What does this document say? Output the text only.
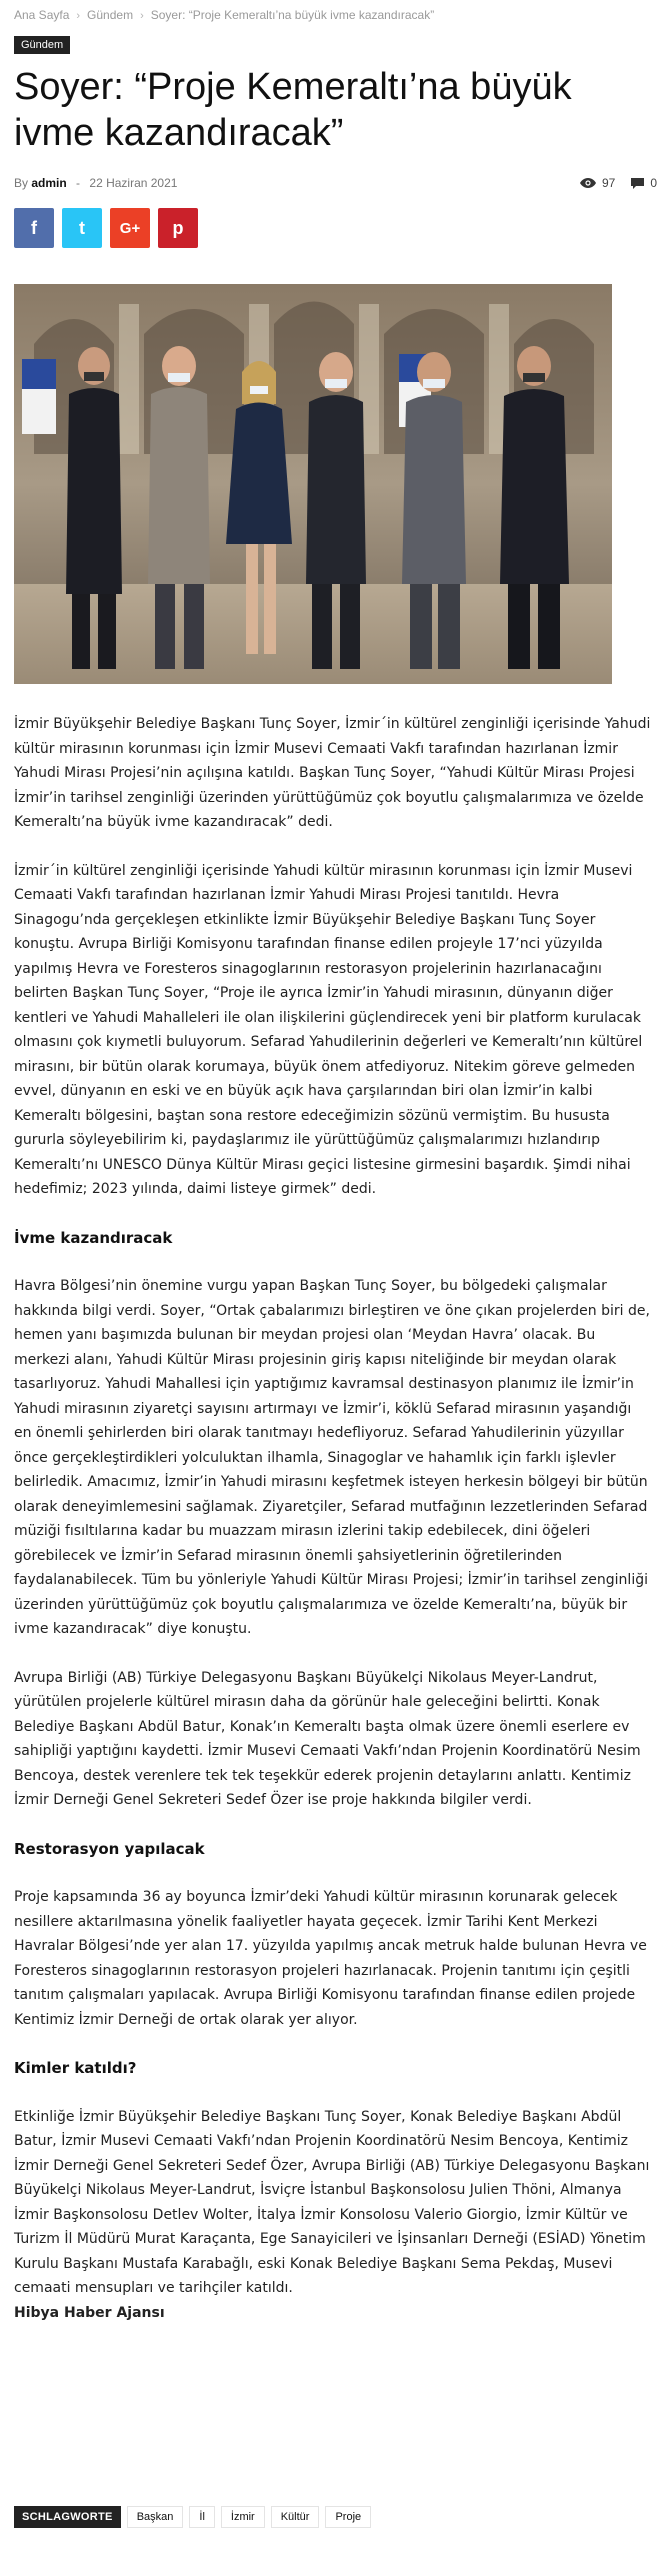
Ana Sayfa › Gündem › Soyer: “Proje Kemeraltı’na büyük ivme kazandıracak”
Gündem
Soyer: “Proje Kemeraltı’na büyük ivme kazandıracak”
By admin - 22 Haziran 2021	97	0
f t G+ p

İzmir Büyükşehir Belediye Başkanı Tunç Soyer, İzmir´in kültürel zenginliği içerisinde Yahudi kültür mirasının korunması için İzmir Musevi Cemaati Vakfı tarafından hazırlanan İzmir Yahudi Mirası Projesi’nin açılışına katıldı. Başkan Tunç Soyer, “Yahudi Kültür Mirası Projesi İzmir’in tarihsel zenginliği üzerinden yürüttüğümüz çok boyutlu çalışmalarımıza ve özelde Kemeraltı’na büyük ivme kazandıracak” dedi.

İzmir´in kültürel zenginliği içerisinde Yahudi kültür mirasının korunması için İzmir Musevi Cemaati Vakfı tarafından hazırlanan İzmir Yahudi Mirası Projesi tanıtıldı. Hevra Sinagogu’nda gerçekleşen etkinlikte İzmir Büyükşehir Belediye Başkanı Tunç Soyer konuştu. Avrupa Birliği Komisyonu tarafından finanse edilen projeyle 17’nci yüzyılda yapılmış Hevra ve Foresteros sinagoglarının restorasyon projelerinin hazırlanacağını belirten Başkan Tunç Soyer, “Proje ile ayrıca İzmir’in Yahudi mirasının, dünyanın diğer kentleri ve Yahudi Mahalleleri ile olan ilişkilerini güçlendirecek yeni bir platform kurulacak olmasını çok kıymetli buluyorum. Sefarad Yahudilerinin değerleri ve Kemeraltı’nın kültürel mirasını, bir bütün olarak korumaya, büyük önem atfediyoruz. Nitekim göreve gelmeden evvel, dünyanın en eski ve en büyük açık hava çarşılarından biri olan İzmir’in kalbi Kemeraltı bölgesini, baştan sona restore edeceğimizin sözünü vermiştim. Bu hususta gururla söyleyebilirim ki, paydaşlarımız ile yürüttüğümüz çalışmalarımızı hızlandırıp Kemeraltı’nı UNESCO Dünya Kültür Mirası geçici listesine girmesini başardık. Şimdi nihai hedefimiz; 2023 yılında, daimi listeye girmek” dedi.

İvme kazandıracak

Havra Bölgesi’nin önemine vurgu yapan Başkan Tunç Soyer, bu bölgedeki çalışmalar hakkında bilgi verdi. Soyer, “Ortak çabalarımızı birleştiren ve öne çıkan projelerden biri de, hemen yanı başımızda bulunan bir meydan projesi olan ‘Meydan Havra’ olacak. Bu merkezi alanı, Yahudi Kültür Mirası projesinin giriş kapısı niteliğinde bir meydan olarak tasarlıyoruz. Yahudi Mahallesi için yaptığımız kavramsal destinasyon planımız ile İzmir’in Yahudi mirasının ziyaretçi sayısını artırmayı ve İzmir’i, köklü Sefarad mirasının yaşandığı en önemli şehirlerden biri olarak tanıtmayı hedefliyoruz. Sefarad Yahudilerinin yüzyıllar önce gerçekleştirdikleri yolculuktan ilhamla, Sinagoglar ve hahamlık için farklı işlevler belirledik. Amacımız, İzmir’in Yahudi mirasını keşfetmek isteyen herkesin bölgeyi bir bütün olarak deneyimlemesini sağlamak. Ziyaretçiler, Sefarad mutfağının lezzetlerinden Sefarad müziği fısıltılarına kadar bu muazzam mirasın izlerini takip edebilecek, dini öğeleri görebilecek ve İzmir’in Sefarad mirasının önemli şahsiyetlerinin öğretilerinden faydalanabilecek. Tüm bu yönleriyle Yahudi Kültür Mirası Projesi; İzmir’in tarihsel zenginliği üzerinden yürüttüğümüz çok boyutlu çalışmalarımıza ve özelde Kemeraltı’na, büyük bir ivme kazandıracak” diye konuştu.

Avrupa Birliği (AB) Türkiye Delegasyonu Başkanı Büyükelçi Nikolaus Meyer-Landrut, yürütülen projelerle kültürel mirasın daha da görünür hale geleceğini belirtti. Konak Belediye Başkanı Abdül Batur, Konak’ın Kemeraltı başta olmak üzere önemli eserlere ev sahipliği yaptığını kaydetti. İzmir Musevi Cemaati Vakfı’ndan Projenin Koordinatörü Nesim Bencoya, destek verenlere tek tek teşekkür ederek projenin detaylarını anlattı. Kentimiz İzmir Derneği Genel Sekreteri Sedef Özer ise proje hakkında bilgiler verdi.

Restorasyon yapılacak

Proje kapsamında 36 ay boyunca İzmir’deki Yahudi kültür mirasının korunarak gelecek nesillere aktarılmasına yönelik faaliyetler hayata geçecek. İzmir Tarihi Kent Merkezi Havralar Bölgesi’nde yer alan 17. yüzyılda yapılmış ancak metruk halde bulunan Hevra ve Foresteros sinagoglarının restorasyon projeleri hazırlanacak. Projenin tanıtımı için çeşitli tanıtım çalışmaları yapılacak. Avrupa Birliği Komisyonu tarafından finanse edilen projede Kentimiz İzmir Derneği de ortak olarak yer alıyor.

Kimler katıldı?

Etkinliğe İzmir Büyükşehir Belediye Başkanı Tunç Soyer, Konak Belediye Başkanı Abdül Batur, İzmir Musevi Cemaati Vakfı’ndan Projenin Koordinatörü Nesim Bencoya, Kentimiz İzmir Derneği Genel Sekreteri Sedef Özer, Avrupa Birliği (AB) Türkiye Delegasyonu Başkanı Büyükelçi Nikolaus Meyer-Landrut, İsviçre İstanbul Başkonsolosu Julien Thöni, Almanya İzmir Başkonsolosu Detlev Wolter, İtalya İzmir Konsolosu Valerio Giorgio, İzmir Kültür ve Turizm İl Müdürü Murat Karaçanta, Ege Sanayicileri ve İşinsanları Derneği (ESİAD) Yönetim Kurulu Başkanı Mustafa Karabağlı, eski Konak Belediye Başkanı Sema Pekdaş, Musevi cemaati mensupları ve tarihçiler katıldı.

Hibya Haber Ajansı

SCHLAGWORTE	Başkan	İl	İzmir	Kültür	Proje
